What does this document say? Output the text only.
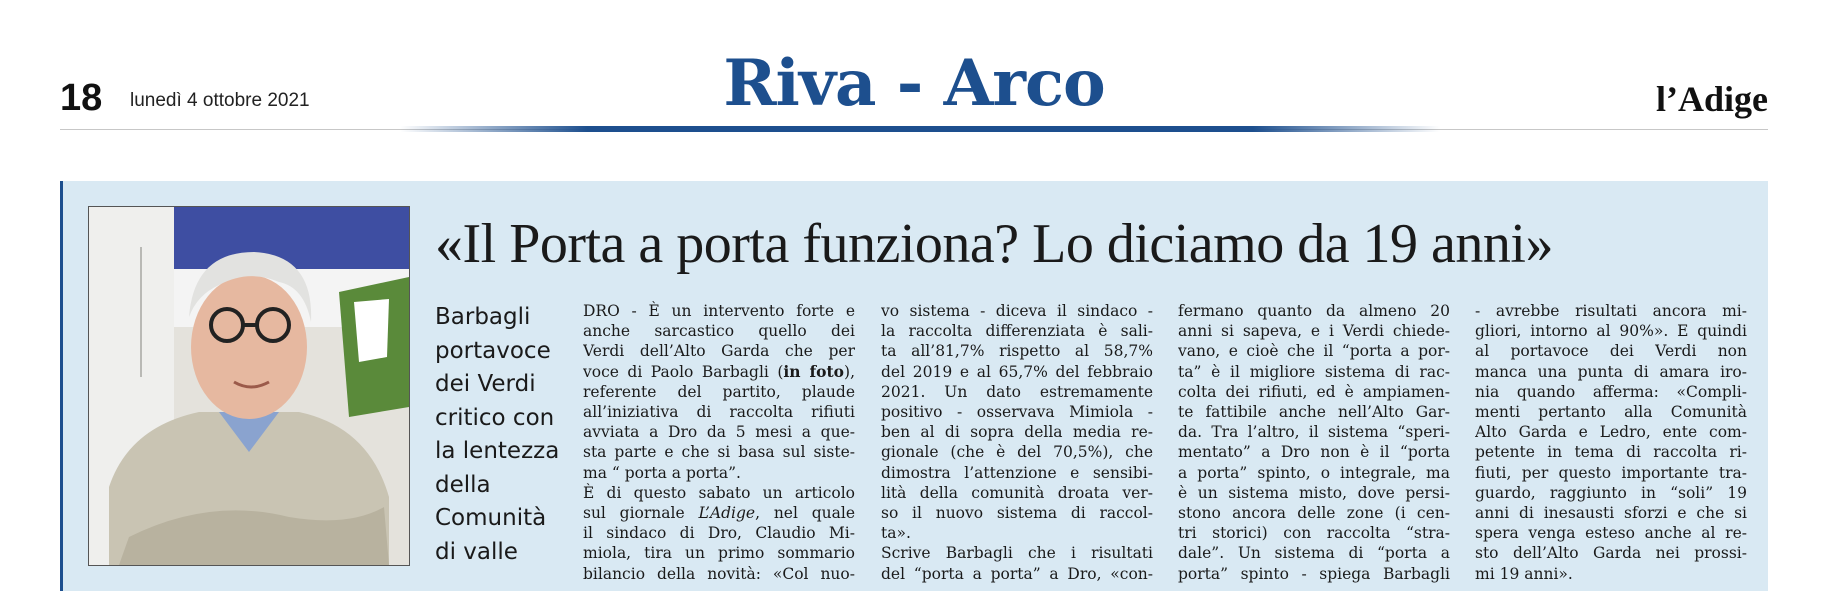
18 lunedì 4 ottobre 2021	Riva - Arco	l’Adige
«Il Porta a porta funziona? Lo diciamo da 19 anni»
Barbagli
portavoce
dei Verdi
critico con
la lentezza
della
Comunità
di valle
DRO - È un intervento forte e
anche sarcastico quello dei
Verdi dell’Alto Garda che per
voce di Paolo Barbagli (in foto),
referente del partito, plaude
all’iniziativa di raccolta rifiuti
avviata a Dro da 5 mesi a que-
sta parte e che si basa sul siste-
ma “ porta a porta”.
È di questo sabato un articolo
sul giornale L’Adige, nel quale
il sindaco di Dro, Claudio Mi-
miola, tira un primo sommario
bilancio della novità: «Col nuo-
vo sistema - diceva il sindaco -
la raccolta differenziata è sali-
ta all’81,7% rispetto al 58,7%
del 2019 e al 65,7% del febbraio
2021. Un dato estremamente
positivo - osservava Mimiola -
ben al di sopra della media re-
gionale (che è del 70,5%), che
dimostra l’attenzione e sensibi-
lità della comunità droata ver-
so il nuovo sistema di raccol-
ta».
Scrive Barbagli che i risultati
del “porta a porta” a Dro, «con-
fermano quanto da almeno 20
anni si sapeva, e i Verdi chiede-
vano, e cioè che il “porta a por-
ta” è il migliore sistema di rac-
colta dei rifiuti, ed è ampiamen-
te fattibile anche nell’Alto Gar-
da. Tra l’altro, il sistema “speri-
mentato” a Dro non è il “porta
a porta” spinto, o integrale, ma
è un sistema misto, dove persi-
stono ancora delle zone (i cen-
tri storici) con raccolta “stra-
dale”. Un sistema di “porta a
porta” spinto - spiega Barbagli
- avrebbe risultati ancora mi-
gliori, intorno al 90%». E quindi
al portavoce dei Verdi non
manca una punta di amara iro-
nia quando afferma: «Compli-
menti pertanto alla Comunità
Alto Garda e Ledro, ente com-
petente in tema di raccolta ri-
fiuti, per questo importante tra-
guardo, raggiunto in “soli” 19
anni di inesausti sforzi e che si
spera venga esteso anche al re-
sto dell’Alto Garda nei prossi-
mi 19 anni».
